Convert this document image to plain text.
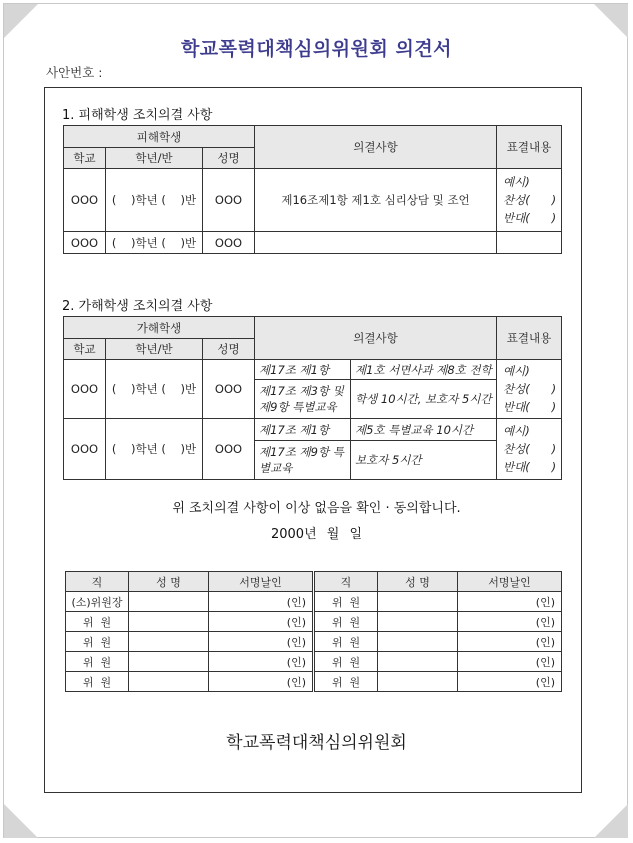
학교폭력대책심의위원회 의견서
사안번호 :
1. 피해학생 조치의결 사항
피해학생			의결사항	표결내용
학교	학년/반	성명		
OOO	(    )학년 (    )반	OOO	제16조제1항 제1호 심리상담 및 조언	예시)
찬성(      )
반대(      )

OOO	(    )학년 (    )반	OOO		
2. 가해학생 조치의결 사항
가해학생			의결사항		표결내용
학교	학년/반	성명			
OOO	(    )학년 (    )반	OOO	제17조 제1항	제1호 서면사과 제8호 전학	예시)
찬성(      )
반대(      )

			제17조 제3항 및 제9항 특별교육	학생 10시간, 보호자 5시간	
OOO	(    )학년 (    )반	OOO	제17조 제1항	제5호 특별교육 10시간	예시)
찬성(      )
반대(      )

			제17조 제9항 특별교육	보호자 5시간	
위 조치의결 사항이 이상 없음을 확인 · 동의합니다.
2000년 월 일
직	성 명	서명날인
(소)위원장		(인)
위  원		(인)
위  원		(인)
위  원		(인)
위  원		(인)
직	성 명	서명날인
위  원		(인)
위  원		(인)
위  원		(인)
위  원		(인)
위  원		(인)
학교폭력대책심의위원회
